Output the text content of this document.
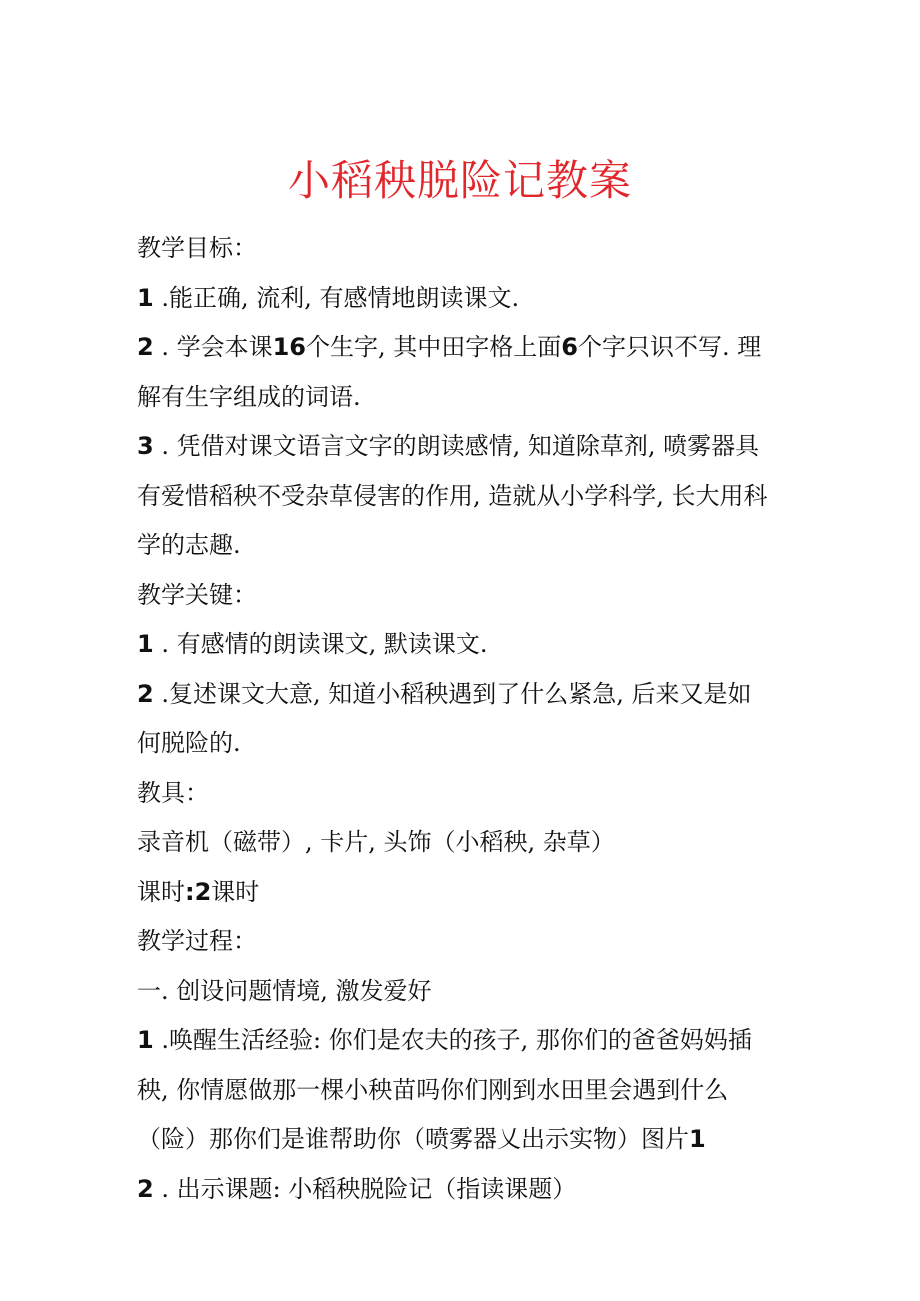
小稻秧脱险记教案
教学目标：
1 .能正确, 流利, 有感情地朗读课文.
2 . 学会本课16个生字, 其中田字格上面6个字只识不写. 理
解有生字组成的词语.
3 . 凭借对课文语言文字的朗读感情, 知道除草剂, 喷雾器具
有爱惜稻秧不受杂草侵害的作用, 造就从小学科学, 长大用科
学的志趣.
教学关键：
1 . 有感情的朗读课文, 默读课文.
2 .复述课文大意, 知道小稻秧遇到了什么紧急, 后来又是如
何脱险的.
教具：
录音机（磁带）, 卡片, 头饰（小稻秧, 杂草）
课时:2课时
教学过程：
一. 创设问题情境, 激发爱好
1 .唤醒生活经验: 你们是农夫的孩子, 那你们的爸爸妈妈插
秧, 你情愿做那一棵小秧苗吗你们刚到水田里会遇到什么
（险）那你们是谁帮助你（喷雾器乂出示实物）图片1
2 . 出示课题: 小稻秧脱险记（指读课题）
